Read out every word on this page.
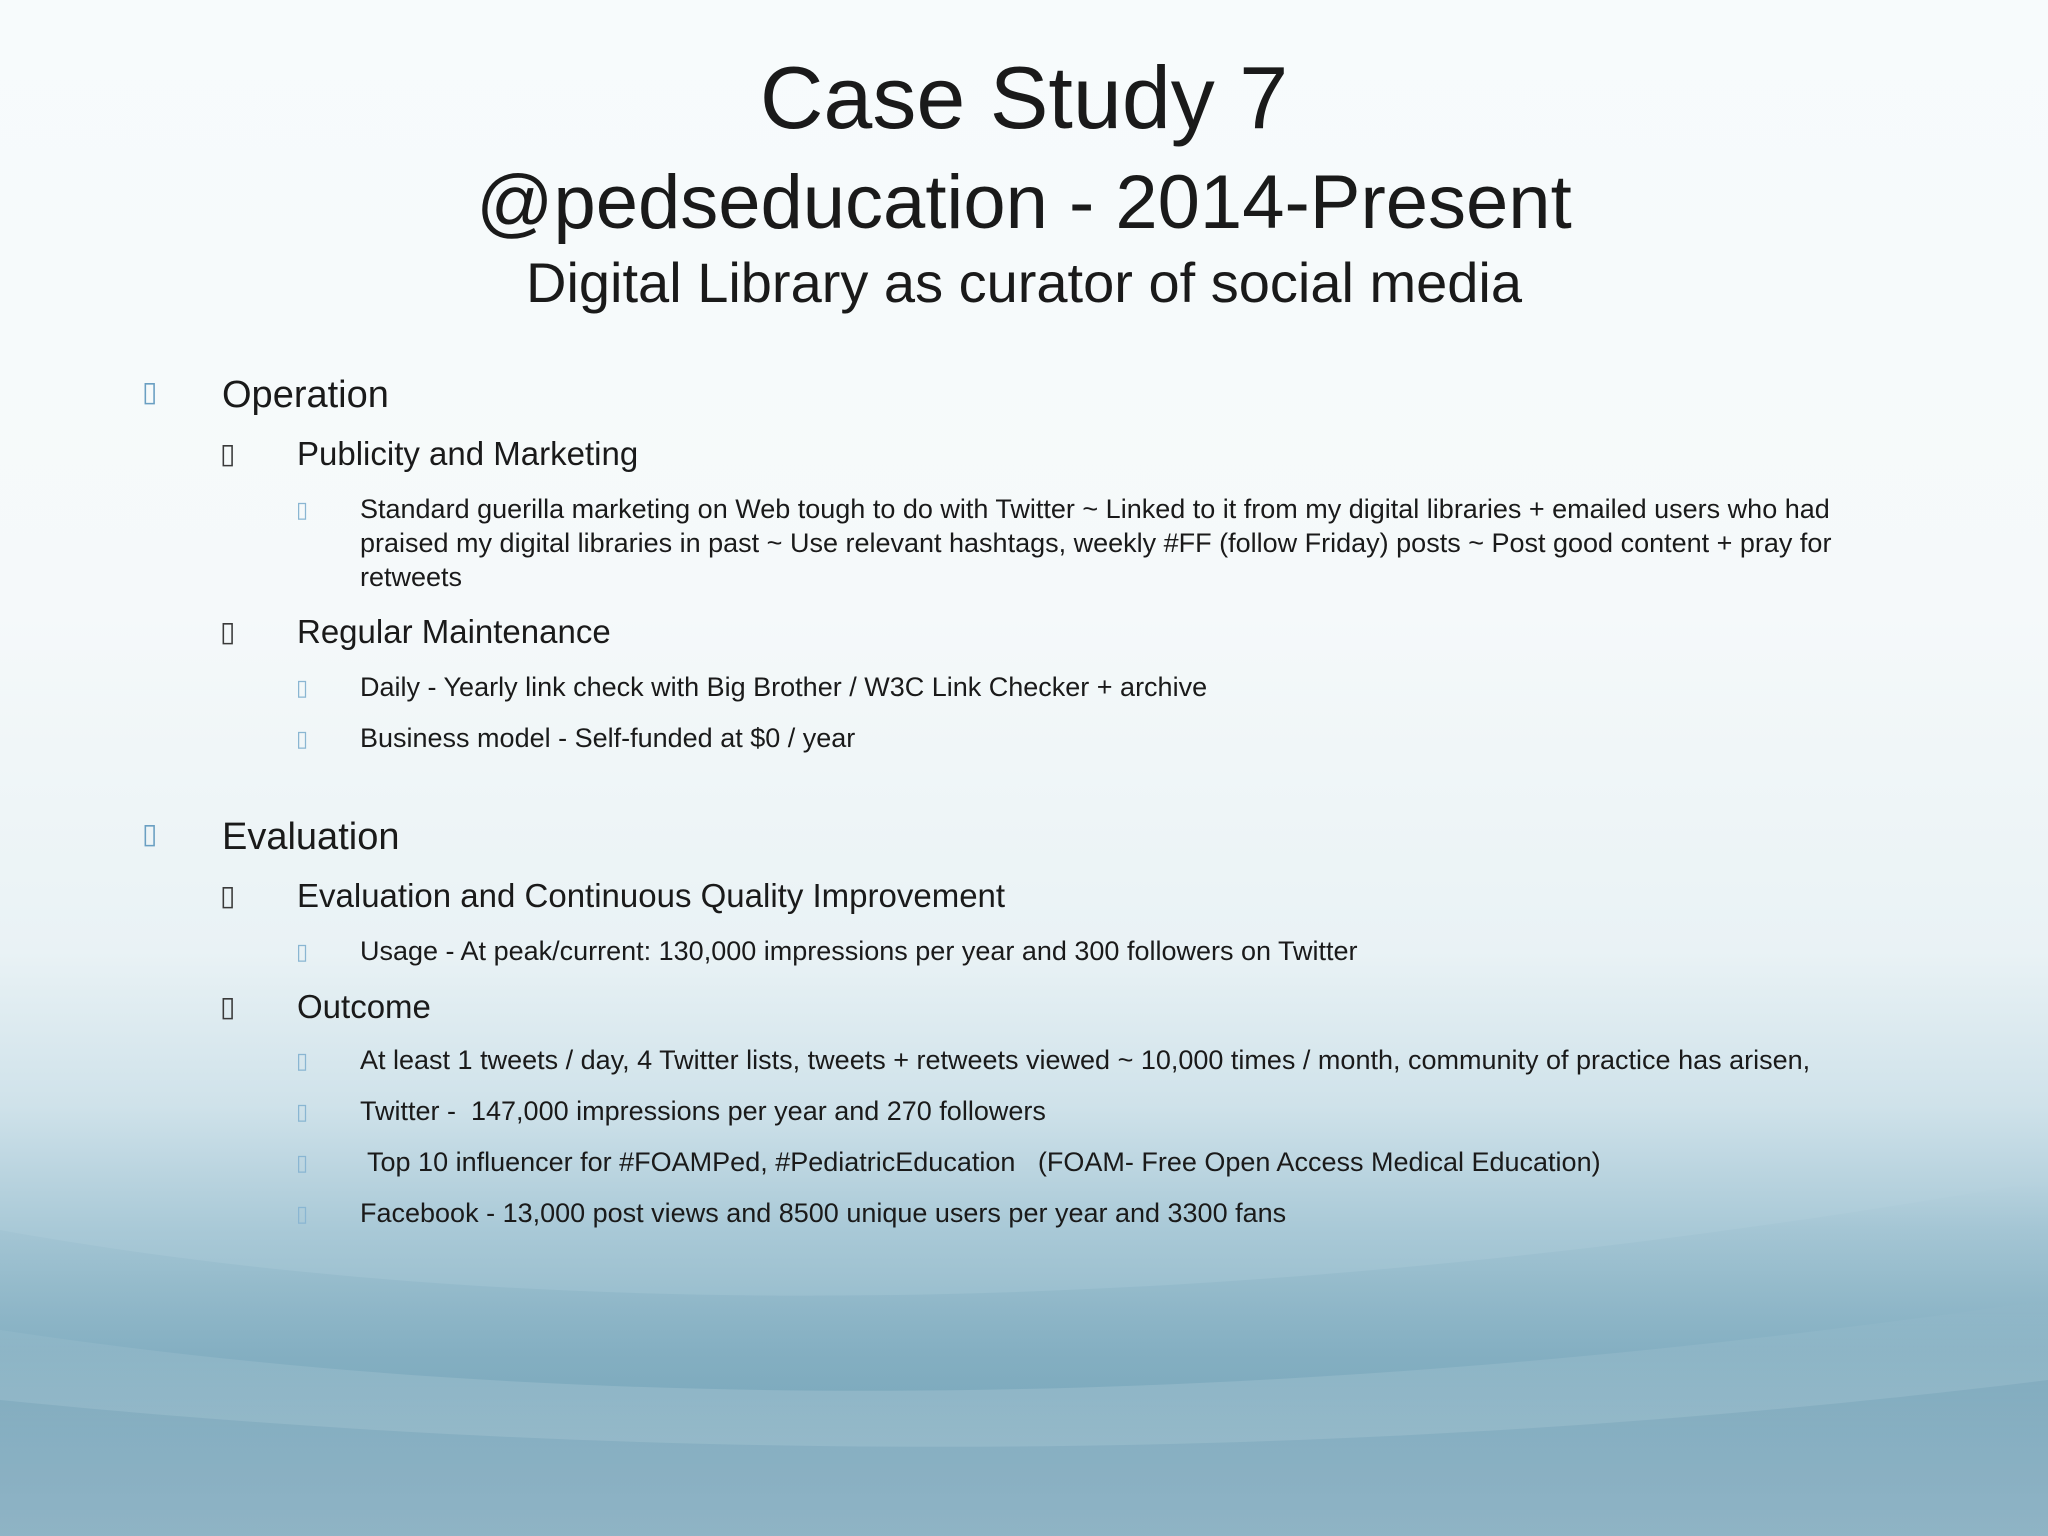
Case Study 7
@pedseducation - 2014-Present
Digital Library as curator of social media
▯ Operation
▯ Publicity and Marketing
▯ Standard guerilla marketing on Web tough to do with Twitter ~ Linked to it from my digital libraries + emailed users who had praised my digital libraries in past ~ Use relevant hashtags, weekly #FF (follow Friday) posts ~ Post good content + pray for retweets
▯ Regular Maintenance
▯ Daily - Yearly link check with Big Brother / W3C Link Checker + archive
▯ Business model - Self-funded at $0 / year
▯ Evaluation
▯ Evaluation and Continuous Quality Improvement
▯ Usage - At peak/current: 130,000 impressions per year and 300 followers on Twitter
▯ Outcome
▯ At least 1 tweets / day, 4 Twitter lists, tweets + retweets viewed ~ 10,000 times / month, community of practice has arisen,
▯ Twitter -  147,000 impressions per year and 270 followers
▯ Top 10 influencer for #FOAMPed, #PediatricEducation   (FOAM- Free Open Access Medical Education)
▯ Facebook - 13,000 post views and 8500 unique users per year and 3300 fans
